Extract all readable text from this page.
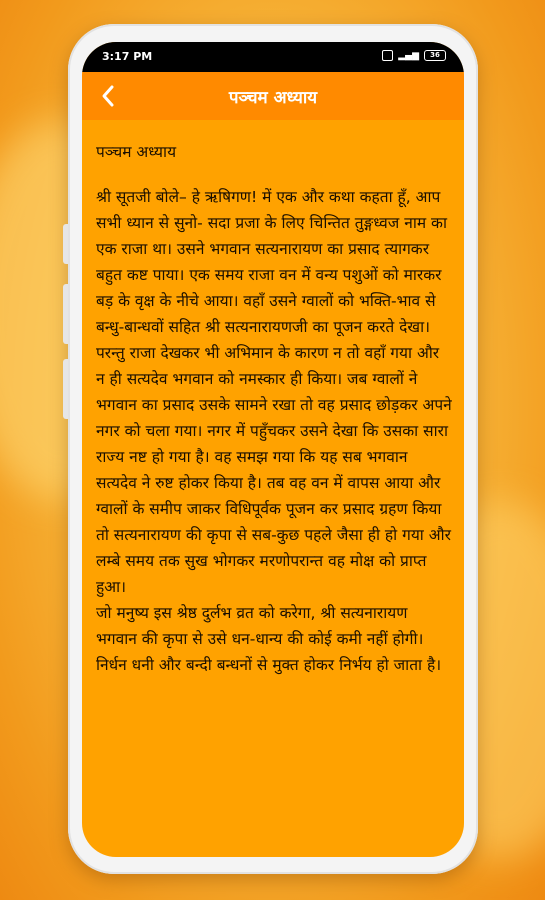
3:17 PM	▂▄▆	36
पञ्चम अध्याय
पञ्चम अध्याय

श्री सूतजी बोले– हे ऋषिगण! में एक और कथा कहता हूँ, आप सभी ध्यान से सुनो- सदा प्रजा के लिए चिन्तित तुङ्गध्वज नाम का एक राजा था। उसने भगवान सत्यनारायण का प्रसाद त्यागकर बहुत कष्ट पाया। एक समय राजा वन में वन्य पशुओं को मारकर बड़ के वृक्ष के नीचे आया। वहाँ उसने ग्वालों को भक्ति-भाव से बन्धु-बान्धवों सहित श्री सत्यनारायणजी का पूजन करते देखा। परन्तु राजा देखकर भी अभिमान के कारण न तो वहाँ गया और न ही सत्यदेव भगवान को नमस्कार ही किया। जब ग्वालों ने भगवान का प्रसाद उसके सामने रखा तो वह प्रसाद छोड़कर अपने नगर को चला गया। नगर में पहुँचकर उसने देखा कि उसका सारा राज्य नष्ट हो गया है। वह समझ गया कि यह सब भगवान सत्यदेव ने रुष्ट होकर किया है। तब वह वन में वापस आया और ग्वालों के समीप जाकर विधिपूर्वक पूजन कर प्रसाद ग्रहण किया तो सत्यनारायण की कृपा से सब-कुछ पहले जैसा ही हो गया और लम्बे समय तक सुख भोगकर मरणोपरान्त वह मोक्ष को प्राप्त हुआ।

जो मनुष्य इस श्रेष्ठ दुर्लभ व्रत को करेगा, श्री सत्यनारायण भगवान की कृपा से उसे धन-धान्य की कोई कमी नहीं होगी। निर्धन धनी और बन्दी बन्धनों से मुक्त होकर निर्भय हो जाता है।
